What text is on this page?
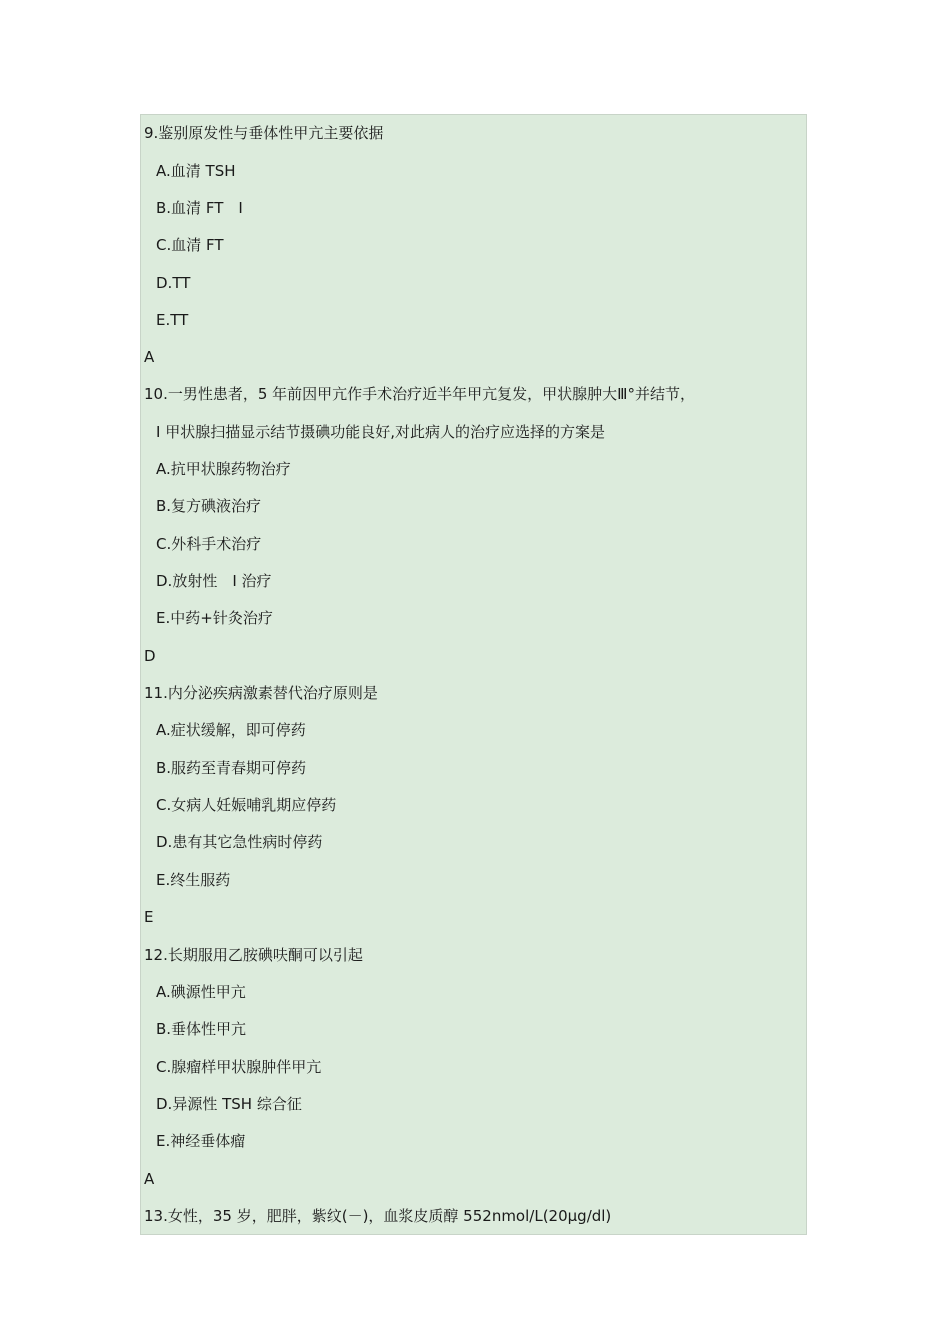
9.鉴别原发性与垂体性甲亢主要依据
A.血清 TSH
B.血清 FT　I
C.血清 FT
D.TT
E.TT
A
10.一男性患者，5 年前因甲亢作手术治疗近半年甲亢复发，甲状腺肿大Ⅲ°并结节，
I 甲状腺扫描显示结节摄碘功能良好,对此病人的治疗应选择的方案是
A.抗甲状腺药物治疗
B.复方碘液治疗
C.外科手术治疗
D.放射性　I 治疗
E.中药+针灸治疗
D
11.内分泌疾病激素替代治疗原则是
A.症状缓解，即可停药
B.服药至青春期可停药
C.女病人妊娠哺乳期应停药
D.患有其它急性病时停药
E.终生服药
E
12.长期服用乙胺碘呋酮可以引起
A.碘源性甲亢
B.垂体性甲亢
C.腺瘤样甲状腺肿伴甲亢
D.异源性 TSH 综合征
E.神经垂体瘤
A
13.女性，35 岁，肥胖，紫纹(－)，血浆皮质醇 552nmol/L(20μg/dl)
